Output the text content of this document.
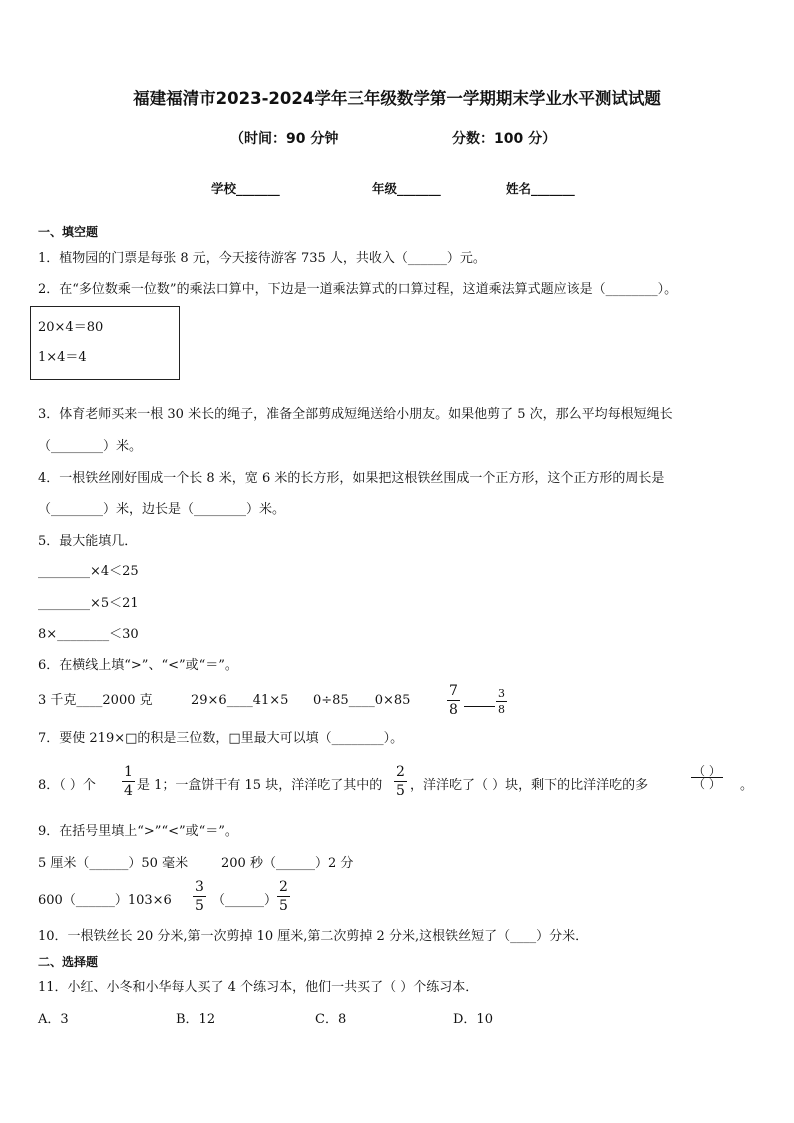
福建福清市2023-2024学年三年级数学第一学期期末学业水平测试试题
（时间：90 分钟	分数：100 分）
学校_______	年级_______	姓名_______
一、填空题
1．植物园的门票是每张 8 元，今天接待游客 735 人，共收入（______）元。
2．在“多位数乘一位数”的乘法口算中，下边是一道乘法算式的口算过程，这道乘法算式题应该是（________）。
20×4＝80
1×4＝4
3．体育老师买来一根 30 米长的绳子，准备全部剪成短绳送给小朋友。如果他剪了 5 次，那么平均每根短绳长
（________）米。
4．一根铁丝刚好围成一个长 8 米，宽 6 米的长方形，如果把这根铁丝围成一个正方形，这个正方形的周长是
（________）米，边长是（________）米。
5．最大能填几．
________×4＜25
________×5＜21
8×________＜30
6．在横线上填“>”、“<”或“＝”。
3 千克____2000 克	29×6____41×5 0÷85____0×85	$\frac{7}{8}$	$\frac{3}{8}$
7．要使 219×□的积是三位数，□里最大可以填（________）。
8．（ ）个 $\frac{1}{4}$ 是 1；一盒饼干有 15 块，洋洋吃了其中的 $\frac{2}{5}$ ，洋洋吃了（ ）块，剩下的比洋洋吃的多
（ ）
（ ） 。
9．在括号里填上“>”“<”或“＝”。
5 厘米（______）50 毫米	200 秒（______）2 分
600（______）103×6 $\frac{3}{5}$ （______） $\frac{2}{5}$
10．一根铁丝长 20 分米,第一次剪掉 10 厘米,第二次剪掉 2 分米,这根铁丝短了（____）分米．
二、选择题
11．小红、小冬和小华每人买了 4 个练习本，他们一共买了（ ）个练习本．
A．3	B．12	C．8	D．10
